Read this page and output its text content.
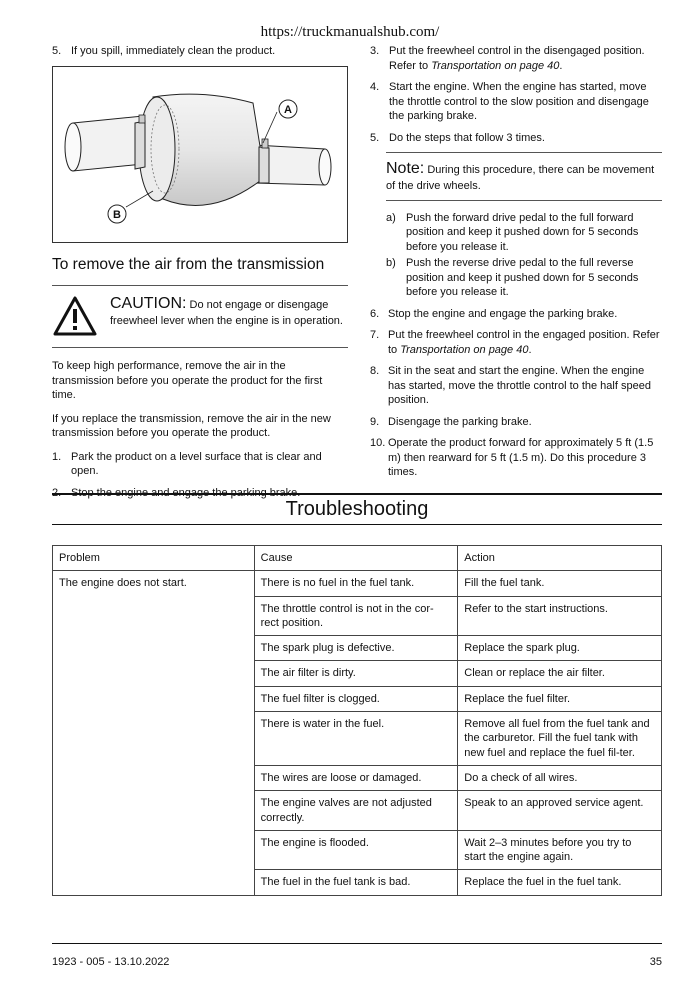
https://truckmanualshub.com/
5. If you spill, immediately clean the product.
A
B
To remove the air from the transmission
CAUTION: Do not engage or disengage freewheel lever when the engine is in operation.

To keep high performance, remove the air in the transmission before you operate the product for the first time.

If you replace the transmission, remove the air in the new transmission before you operate the product.

1. Park the product on a level surface that is clear and open.
2. Stop the engine and engage the parking brake.
3. Put the freewheel control in the disengaged position. Refer to Transportation on page 40.
4. Start the engine. When the engine has started, move the throttle control to the slow position and disengage the parking brake.
5. Do the steps that follow 3 times.
Note: During this procedure, there can be movement of the drive wheels.
a) Push the forward drive pedal to the full forward position and keep it pushed down for 5 seconds before you release it.
b) Push the reverse drive pedal to the full reverse position and keep it pushed down for 5 seconds before you release it.
6. Stop the engine and engage the parking brake.
7. Put the freewheel control in the engaged position. Refer to Transportation on page 40.
8. Sit in the seat and start the engine. When the engine has started, move the throttle control to the half speed position.
9. Disengage the parking brake.
10. Operate the product forward for approximately 5 ft (1.5 m) then rearward for 5 ft (1.5 m). Do this procedure 3 times.
Troubleshooting
Problem	Cause	Action
The engine does not start.	There is no fuel in the fuel tank.	Fill the fuel tank.
	The throttle control is not in the cor-rect position.	Refer to the start instructions.
	The spark plug is defective.	Replace the spark plug.
	The air filter is dirty.	Clean or replace the air filter.
	The fuel filter is clogged.	Replace the fuel filter.
	There is water in the fuel.	Remove all fuel from the fuel tank and the carburetor. Fill the fuel tank with new fuel and replace the fuel fil-ter.
	The wires are loose or damaged.	Do a check of all wires.
	The engine valves are not adjusted correctly.	Speak to an approved service agent.
	The engine is flooded.	Wait 2–3 minutes before you try to start the engine again.
	The fuel in the fuel tank is bad.	Replace the fuel in the fuel tank.
1923 - 005 - 13.10.2022	35
